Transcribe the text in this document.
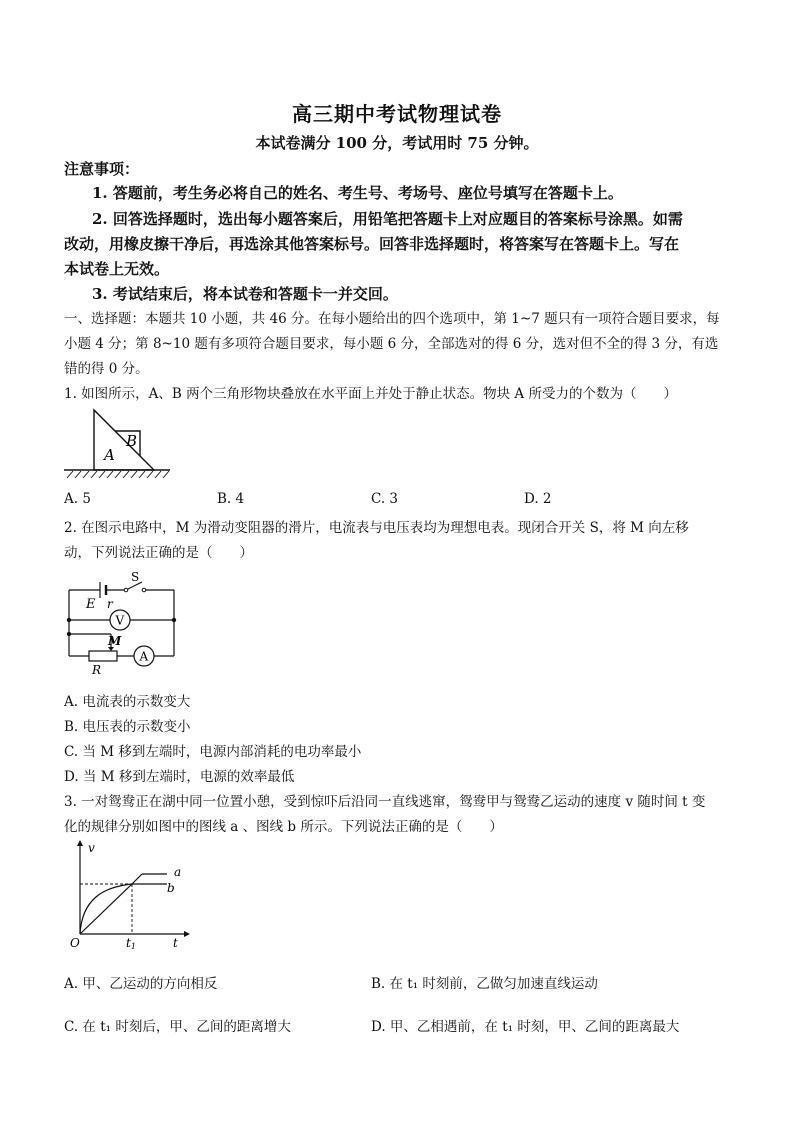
高三期中考试物理试卷
本试卷满分 100 分，考试用时 75 分钟。
注意事项：
1. 答题前，考生务必将自己的姓名、考生号、考场号、座位号填写在答题卡上。
2. 回答选择题时，选出每小题答案后，用铅笔把答题卡上对应题目的答案标号涂黑。如需
改动，用橡皮擦干净后，再选涂其他答案标号。回答非选择题时，将答案写在答题卡上。写在
本试卷上无效。
3. 考试结束后，将本试卷和答题卡一并交回。
一、选择题：本题共 10 小题，共 46 分。在每小题给出的四个选项中，第 1~7 题只有一项符合题目要求，每
小题 4 分；第 8~10 题有多项符合题目要求，每小题 6 分，全部选对的得 6 分，选对但不全的得 3 分，有选
错的得 0 分。
1. 如图所示，A、B 两个三角形物块叠放在水平面上并处于静止状态。物块 A 所受力的个数为（　　）
A
B
A. 5	B. 4	C. 3	D. 2
2. 在图示电路中，M 为滑动变阻器的滑片，电流表与电压表均为理想电表。现闭合开关 S，将 M 向左移
动，下列说法正确的是（　　）
S
E r
V
M
A
R
A. 电流表的示数变大
B. 电压表的示数变小
C. 当 M 移到左端时，电源内部消耗的电功率最小
D. 当 M 移到左端时，电源的效率最低
3. 一对鸳鸯正在湖中同一位置小憩，受到惊吓后沿同一直线逃窜，鸳鸯甲与鸳鸯乙运动的速度 v 随时间 t 变
化的规律分别如图中的图线 a 、图线 b 所示。下列说法正确的是（　　）
v
t
O	t1
a
b
A. 甲、乙运动的方向相反	B. 在 t₁ 时刻前，乙做匀加速直线运动
C. 在 t₁ 时刻后，甲、乙间的距离增大	D. 甲、乙相遇前，在 t₁ 时刻，甲、乙间的距离最大
